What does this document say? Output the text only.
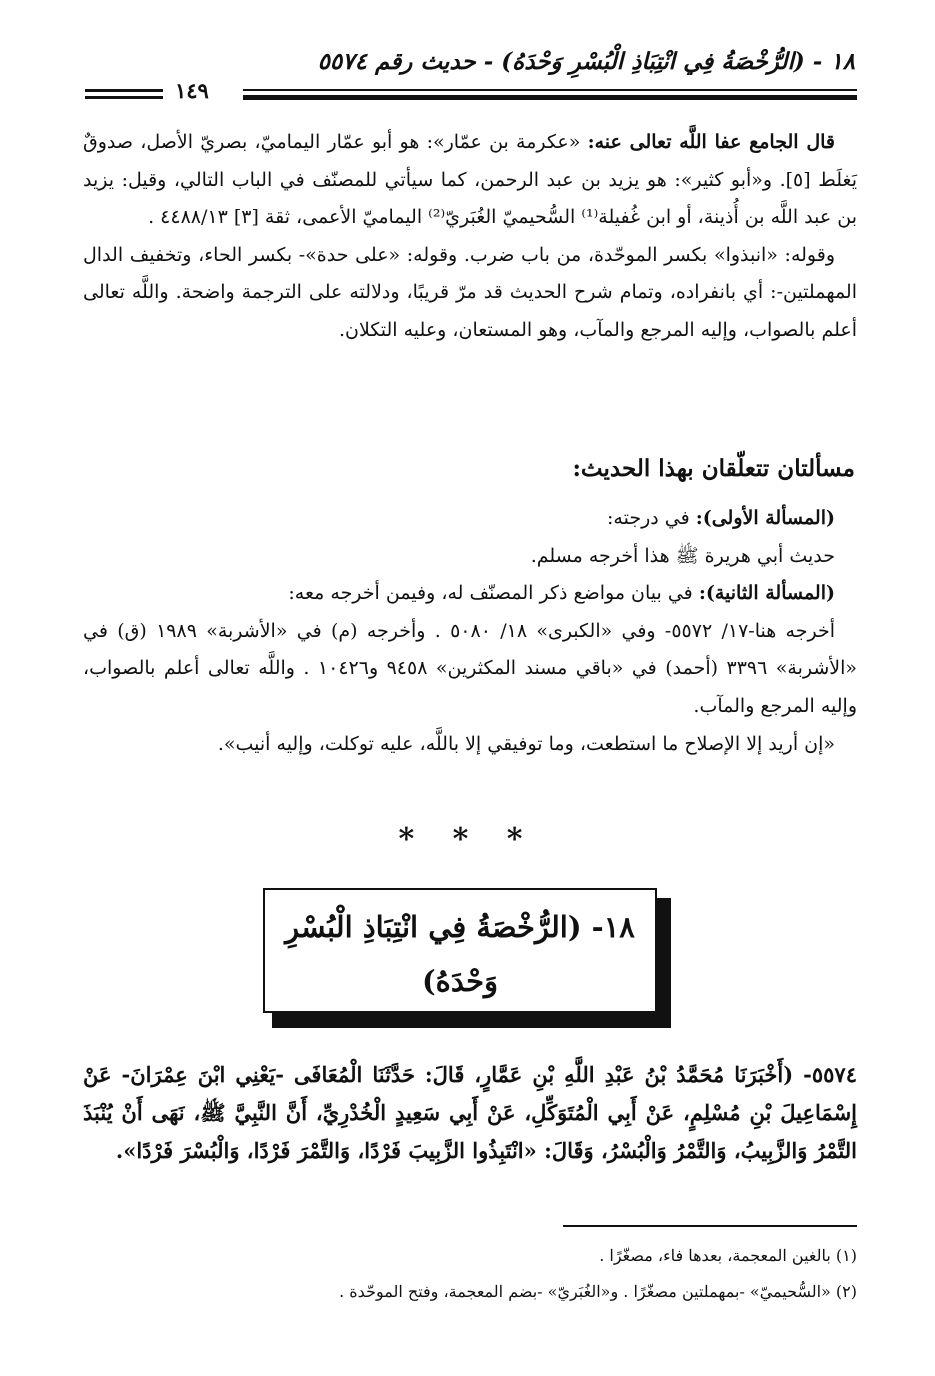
١٨ - (الرُّخْصَةُ فِي انْتِبَاذِ الْبُسْرِ وَحْدَهُ) - حديث رقم ٥٥٧٤
١٤٩

قال الجامع عفا اللَّه تعالى عنه: «عكرمة بن عمّار»: هو أبو عمّار اليماميّ، بصريّ الأصل، صدوقٌ يَغلَط [٥]. و«أبو كثير»: هو يزيد بن عبد الرحمن، كما سيأتي للمصنّف في الباب التالي، وقيل: يزيد بن عبد اللَّه بن أُذينة، أو ابن غُفيلة⁽¹⁾ السُّحيميّ الغُبَريّ⁽²⁾ اليماميّ الأعمى، ثقة [٣] ٤٤٨٨/١٣ .

وقوله: «انبذوا» بكسر الموحّدة، من باب ضرب. وقوله: «على حدة»- بكسر الحاء، وتخفيف الدال المهملتين-: أي بانفراده، وتمام شرح الحديث قد مرّ قريبًا، ودلالته على الترجمة واضحة. واللَّه تعالى أعلم بالصواب، وإليه المرجع والمآب، وهو المستعان، وعليه التكلان.

مسألتان تتعلّقان بهذا الحديث:

(المسألة الأولى): في درجته:

حديث أبي هريرة ﷺ هذا أخرجه مسلم.

(المسألة الثانية): في بيان مواضع ذكر المصنّف له، وفيمن أخرجه معه:

أخرجه هنا-١٧/ ٥٥٧٢- وفي «الكبرى» ١٨/ ٥٠٨٠ . وأخرجه (م) في «الأشربة» ١٩٨٩ (ق) في «الأشربة» ٣٣٩٦ (أحمد) في «باقي مسند المكثرين» ٩٤٥٨ و١٠٤٢٦ . واللَّه تعالى أعلم بالصواب، وإليه المرجع والمآب.

«إن أريد إلا الإصلاح ما استطعت، وما توفيقي إلا باللَّه، عليه توكلت، وإليه أنيب».

* * *
١٨- (الرُّخْصَةُ فِي انْتِبَاذِ الْبُسْرِ
وَحْدَهُ)
٥٥٧٤- (أَخْبَرَنَا مُحَمَّدُ بْنُ عَبْدِ اللَّهِ بْنِ عَمَّارٍ، قَالَ: حَدَّثَنَا الْمُعَافَى -يَعْنِي ابْنَ عِمْرَانَ- عَنْ إِسْمَاعِيلَ بْنِ مُسْلِمٍ، عَنْ أَبِي الْمُتَوَكِّلِ، عَنْ أَبِي سَعِيدٍ الْخُدْرِيِّ، أَنَّ النَّبِيَّ ﷺ، نَهَى أَنْ يُنْبَذَ التَّمْرُ وَالزَّبِيبُ، وَالتَّمْرُ وَالْبُسْرُ، وَقَالَ: «انْتَبِذُوا الزَّبِيبَ فَرْدًا، وَالتَّمْرَ فَرْدًا، وَالْبُسْرَ فَرْدًا».

(١) بالغين المعجمة، بعدها فاء، مصغّرًا .

(٢) «السُّحيميّ» -بمهملتين مصغّرًا . و«الغُبَريّ» -بضم المعجمة، وفتح الموحّدة .
